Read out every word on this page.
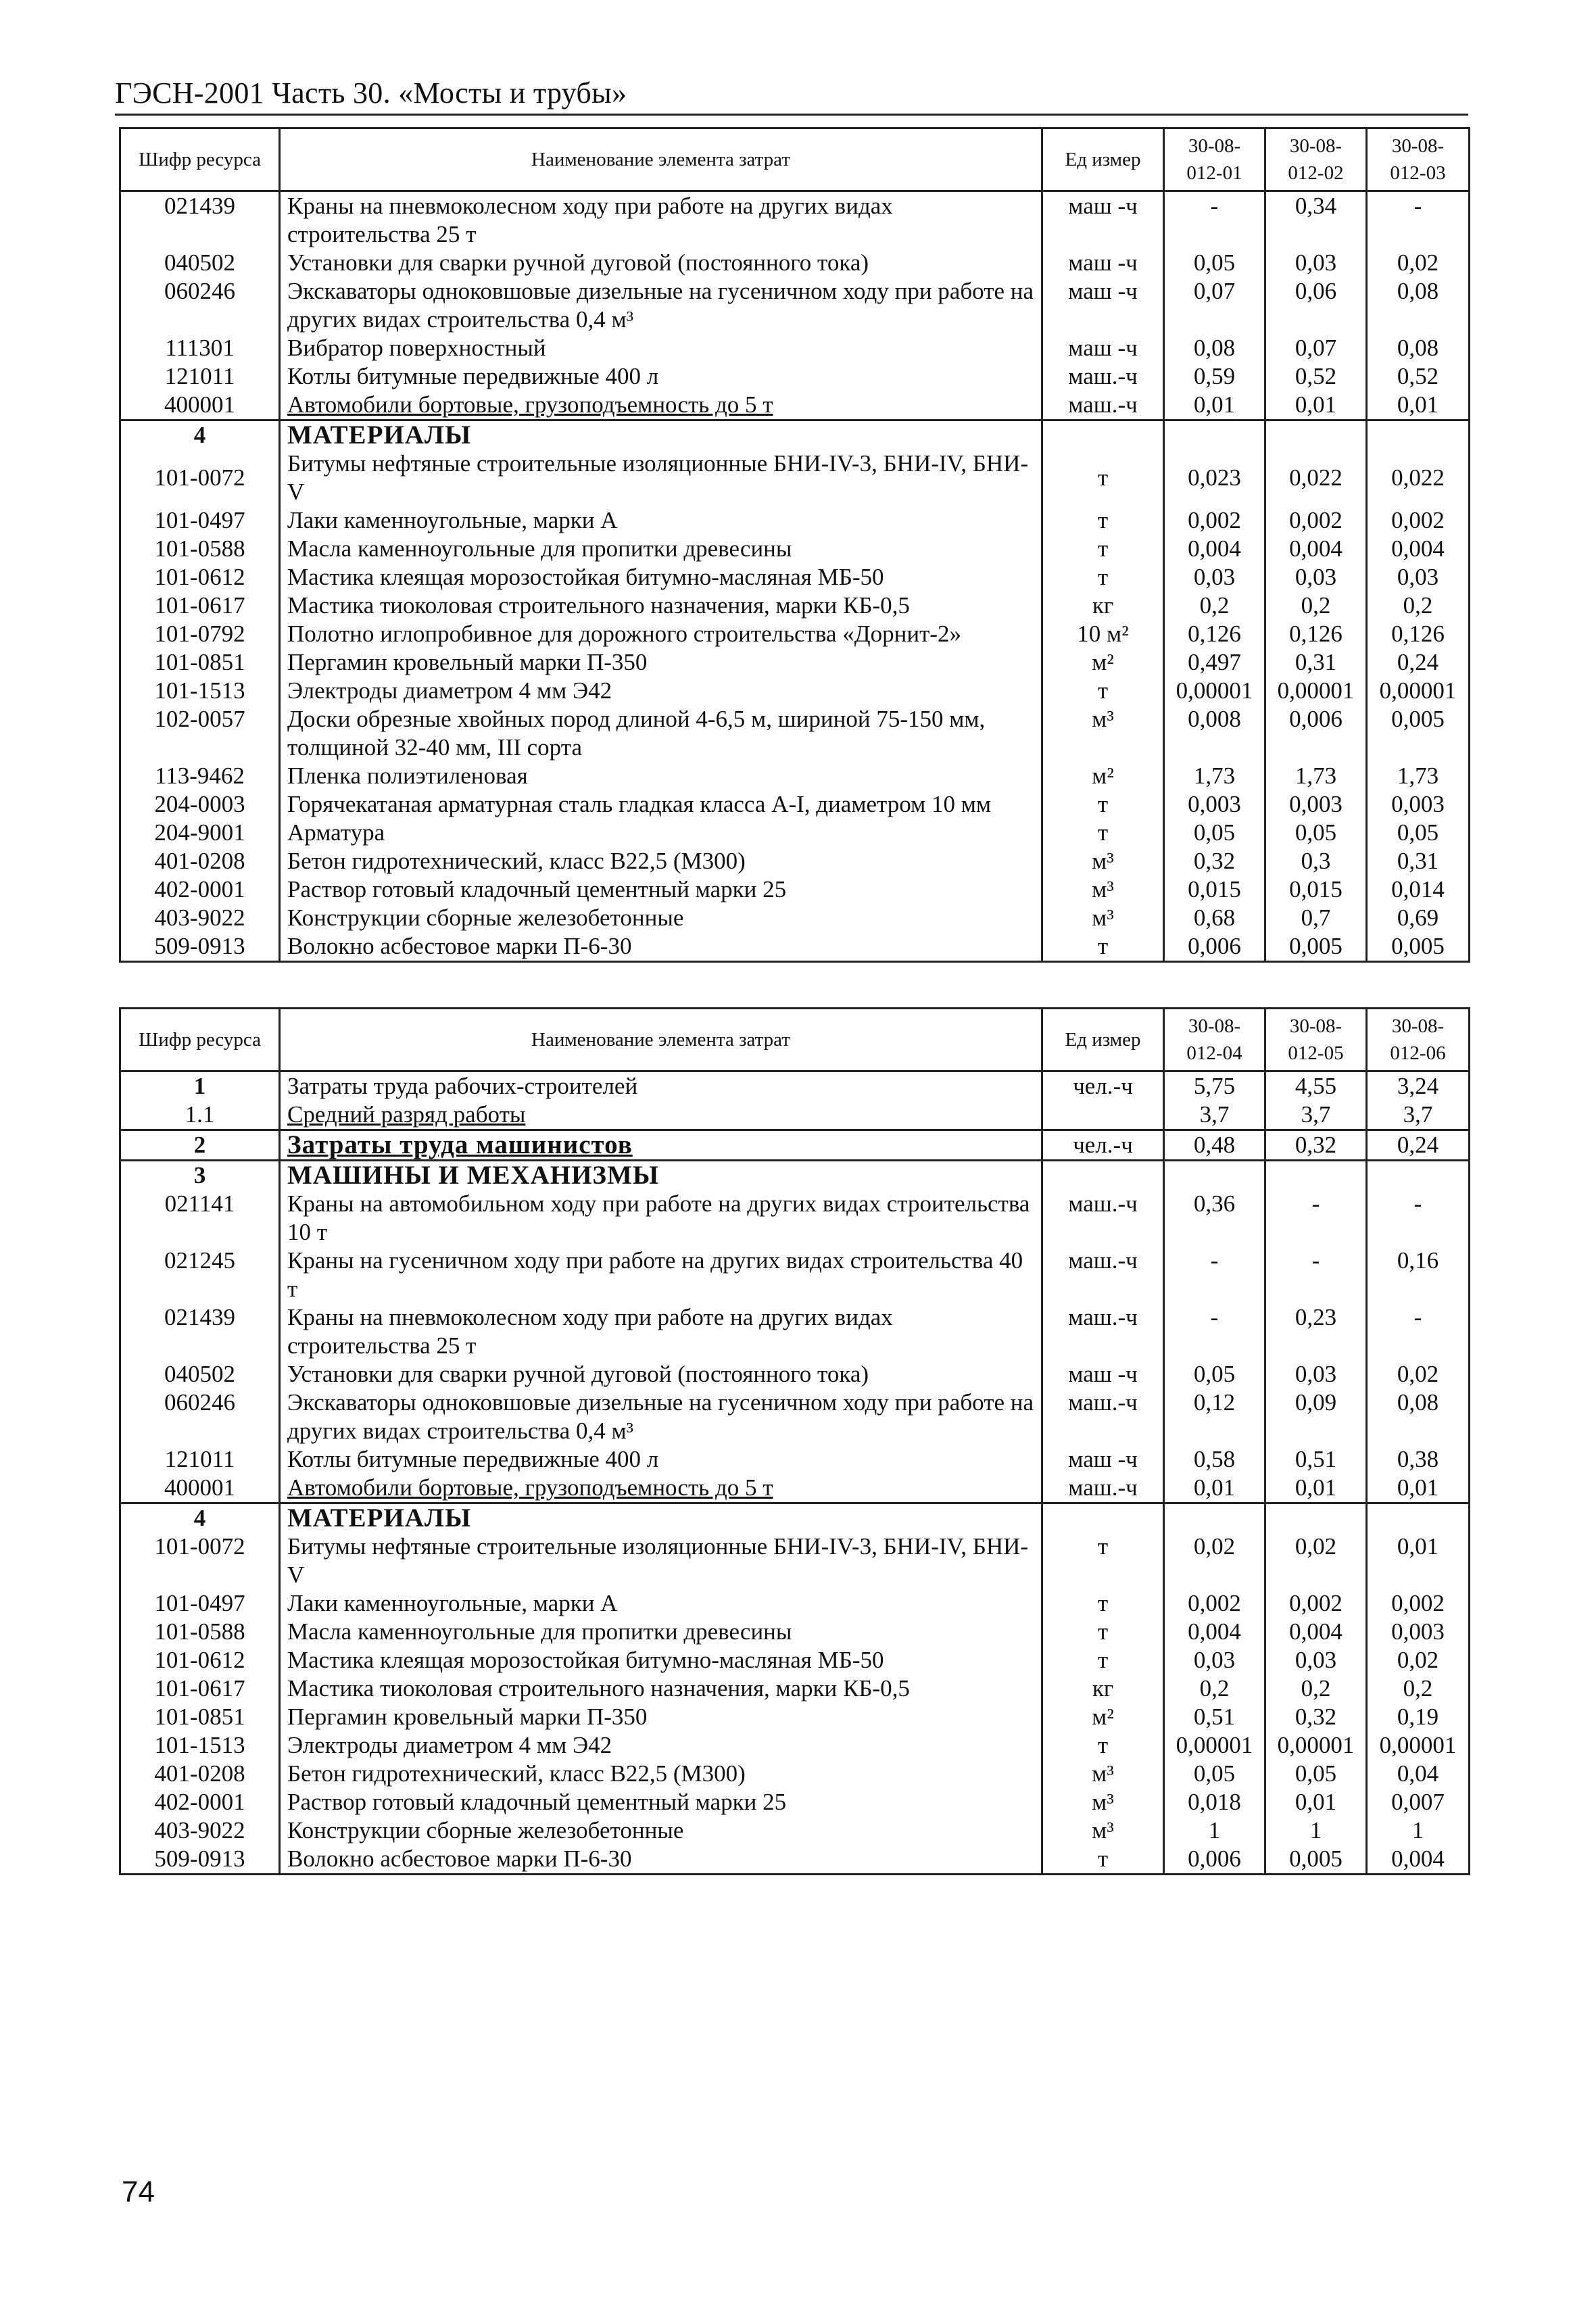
ГЭСН-2001 Часть 30. «Мосты и трубы»
Шифр ресурса	Наименование элемента затрат	Ед измер	30-08-012-01	30-08-012-02	30-08-012-03
021439	Краны на пневмоколесном ходу при работе на других видах строительства 25 т	маш -ч	-	0,34	-
040502	Установки для сварки ручной дуговой (постоянного тока)	маш -ч	0,05	0,03	0,02
060246	Экскаваторы одноковшовые дизельные на гусеничном ходу при работе на других видах строительства 0,4 м³	маш -ч	0,07	0,06	0,08
111301	Вибратор поверхностный	маш -ч	0,08	0,07	0,08
121011	Котлы битумные передвижные 400 л	маш.-ч	0,59	0,52	0,52
400001	Автомобили бортовые, грузоподъемность до 5 т	маш.-ч	0,01	0,01	0,01
4	МАТЕРИАЛЫ				
101-0072	Битумы нефтяные строительные изоляционные БНИ-IV-3, БНИ-IV, БНИ-V	т	0,023	0,022	0,022
101-0497	Лаки каменноугольные, марки А	т	0,002	0,002	0,002
101-0588	Масла каменноугольные для пропитки древесины	т	0,004	0,004	0,004
101-0612	Мастика клеящая морозостойкая битумно-масляная МБ-50	т	0,03	0,03	0,03
101-0617	Мастика тиоколовая строительного назначения, марки КБ-0,5	кг	0,2	0,2	0,2
101-0792	Полотно иглопробивное для дорожного строительства «Дорнит-2»	10 м²	0,126	0,126	0,126
101-0851	Пергамин кровельный марки П-350	м²	0,497	0,31	0,24
101-1513	Электроды диаметром 4 мм Э42	т	0,00001	0,00001	0,00001
102-0057	Доски обрезные хвойных пород длиной 4-6,5 м, шириной 75-150 мм, толщиной 32-40 мм, III сорта	м³	0,008	0,006	0,005
113-9462	Пленка полиэтиленовая	м²	1,73	1,73	1,73
204-0003	Горячекатаная арматурная сталь гладкая класса А-I, диаметром 10 мм	т	0,003	0,003	0,003
204-9001	Арматура	т	0,05	0,05	0,05
401-0208	Бетон гидротехнический, класс В22,5 (М300)	м³	0,32	0,3	0,31
402-0001	Раствор готовый кладочный цементный марки 25	м³	0,015	0,015	0,014
403-9022	Конструкции сборные железобетонные	м³	0,68	0,7	0,69
509-0913	Волокно асбестовое марки П-6-30	т	0,006	0,005	0,005
Шифр ресурса	Наименование элемента затрат	Ед измер	30-08-012-04	30-08-012-05	30-08-012-06
1	Затраты труда рабочих-строителей	чел.-ч	5,75	4,55	3,24
1.1	Средний разряд работы		3,7	3,7	3,7
2	Затраты труда машинистов	чел.-ч	0,48	0,32	0,24
3	МАШИНЫ И МЕХАНИЗМЫ				
021141	Краны на автомобильном ходу при работе на других видах строительства 10 т	маш.-ч	0,36	-	-
021245	Краны на гусеничном ходу при работе на других видах строительства 40 т	маш.-ч	-	-	0,16
021439	Краны на пневмоколесном ходу при работе на других видах строительства 25 т	маш.-ч	-	0,23	-
040502	Установки для сварки ручной дуговой (постоянного тока)	маш -ч	0,05	0,03	0,02
060246	Экскаваторы одноковшовые дизельные на гусеничном ходу при работе на других видах строительства 0,4 м³	маш.-ч	0,12	0,09	0,08
121011	Котлы битумные передвижные 400 л	маш -ч	0,58	0,51	0,38
400001	Автомобили бортовые, грузоподъемность до 5 т	маш.-ч	0,01	0,01	0,01
4	МАТЕРИАЛЫ				
101-0072	Битумы нефтяные строительные изоляционные БНИ-IV-3, БНИ-IV, БНИ-V	т	0,02	0,02	0,01
101-0497	Лаки каменноугольные, марки А	т	0,002	0,002	0,002
101-0588	Масла каменноугольные для пропитки древесины	т	0,004	0,004	0,003
101-0612	Мастика клеящая морозостойкая битумно-масляная МБ-50	т	0,03	0,03	0,02
101-0617	Мастика тиоколовая строительного назначения, марки КБ-0,5	кг	0,2	0,2	0,2
101-0851	Пергамин кровельный марки П-350	м²	0,51	0,32	0,19
101-1513	Электроды диаметром 4 мм Э42	т	0,00001	0,00001	0,00001
401-0208	Бетон гидротехнический, класс В22,5 (М300)	м³	0,05	0,05	0,04
402-0001	Раствор готовый кладочный цементный марки 25	м³	0,018	0,01	0,007
403-9022	Конструкции сборные железобетонные	м³	1	1	1
509-0913	Волокно асбестовое марки П-6-30	т	0,006	0,005	0,004
74
